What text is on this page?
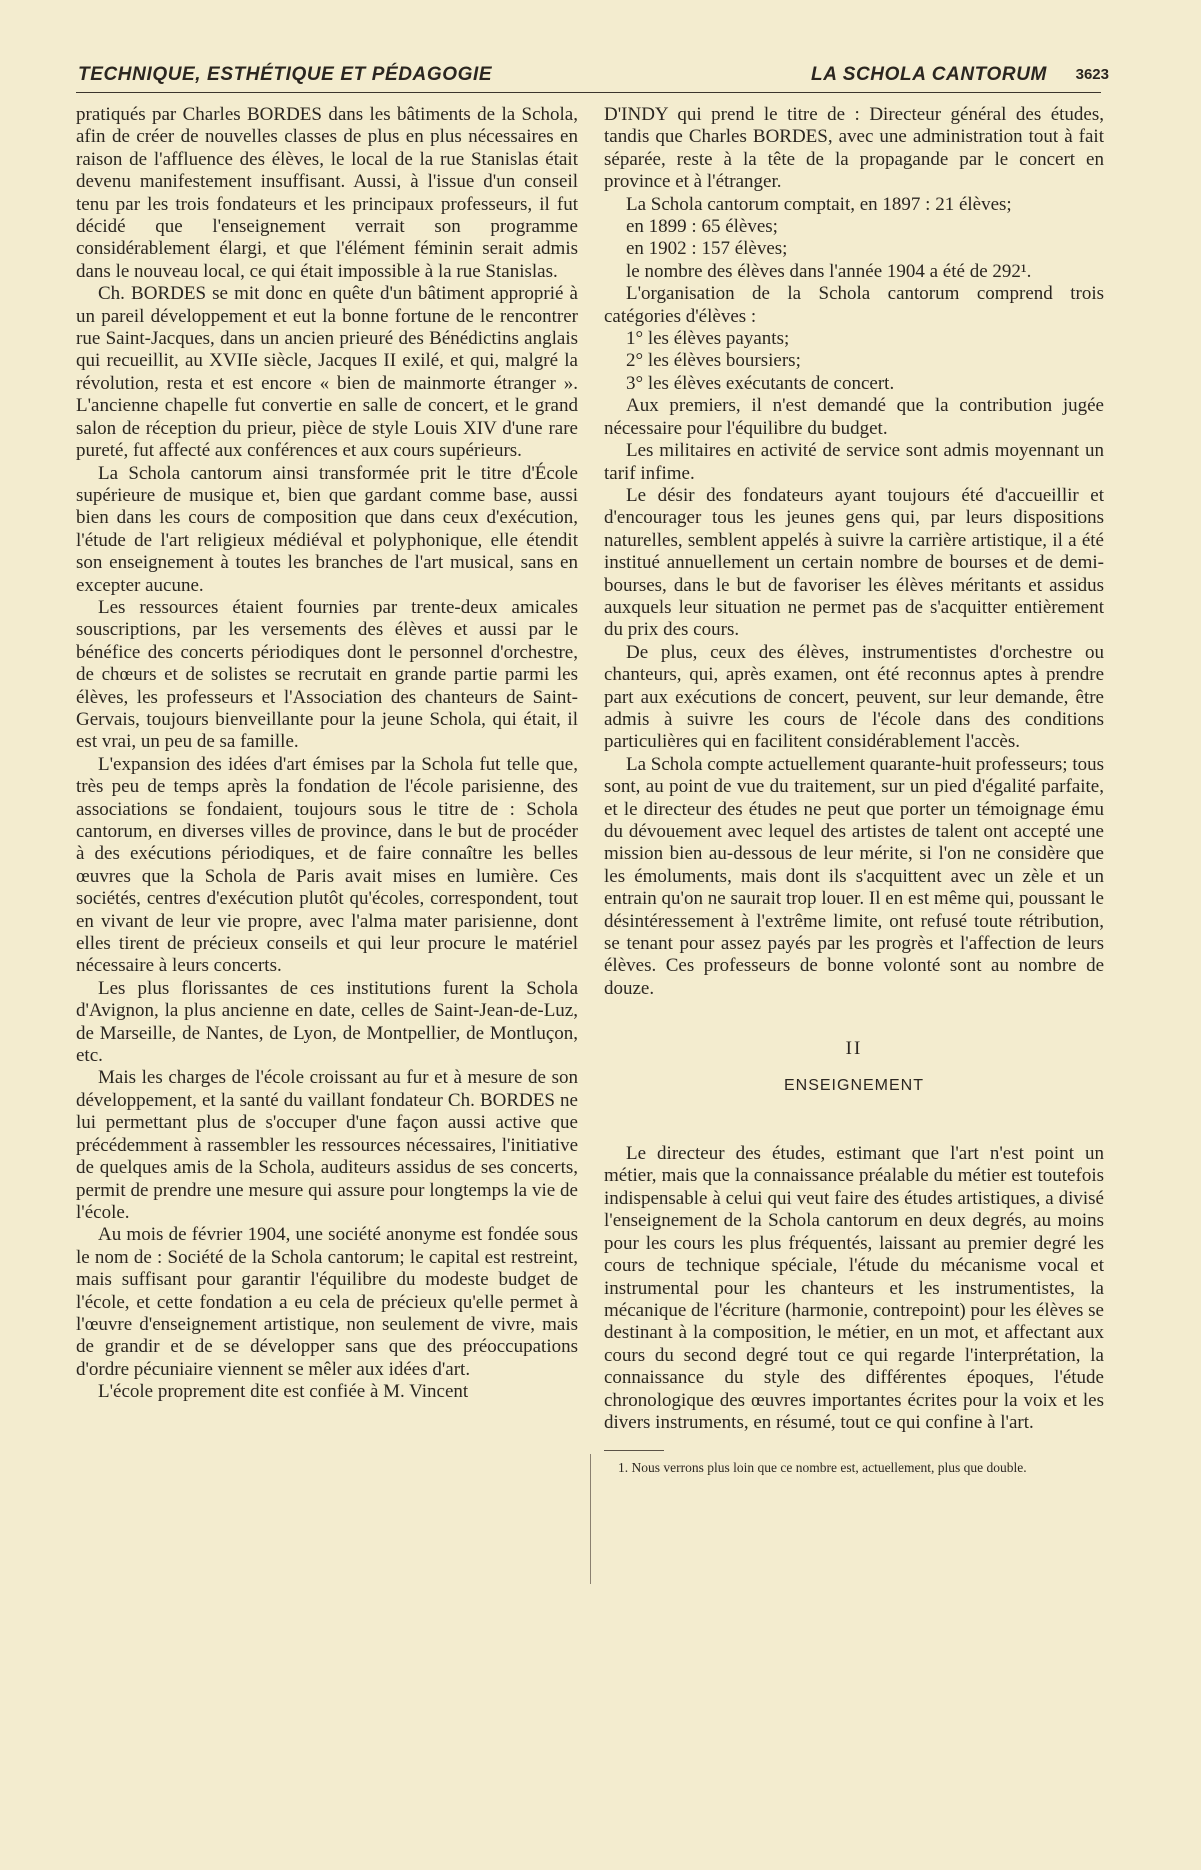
TECHNIQUE, ESTHÉTIQUE ET PÉDAGOGIE	LA SCHOLA CANTORUM 3623

pratiqués par Charles BORDES dans les bâtiments de la Schola, afin de créer de nouvelles classes de plus en plus nécessaires en raison de l'affluence des élèves, le local de la rue Stanislas était devenu manifestement insuffisant. Aussi, à l'issue d'un conseil tenu par les trois fondateurs et les principaux professeurs, il fut décidé que l'enseignement verrait son programme considérablement élargi, et que l'élément féminin serait admis dans le nouveau local, ce qui était impossible à la rue Stanislas.

Ch. BORDES se mit donc en quête d'un bâtiment approprié à un pareil développement et eut la bonne fortune de le rencontrer rue Saint-Jacques, dans un ancien prieuré des Bénédictins anglais qui recueillit, au XVIIe siècle, Jacques II exilé, et qui, malgré la révolution, resta et est encore « bien de mainmorte étranger ». L'ancienne chapelle fut convertie en salle de concert, et le grand salon de réception du prieur, pièce de style Louis XIV d'une rare pureté, fut affecté aux conférences et aux cours supérieurs.

La Schola cantorum ainsi transformée prit le titre d'École supérieure de musique et, bien que gardant comme base, aussi bien dans les cours de composition que dans ceux d'exécution, l'étude de l'art religieux médiéval et polyphonique, elle étendit son enseignement à toutes les branches de l'art musical, sans en excepter aucune.

Les ressources étaient fournies par trente-deux amicales souscriptions, par les versements des élèves et aussi par le bénéfice des concerts périodiques dont le personnel d'orchestre, de chœurs et de solistes se recrutait en grande partie parmi les élèves, les professeurs et l'Association des chanteurs de Saint-Gervais, toujours bienveillante pour la jeune Schola, qui était, il est vrai, un peu de sa famille.

L'expansion des idées d'art émises par la Schola fut telle que, très peu de temps après la fondation de l'école parisienne, des associations se fondaient, toujours sous le titre de : Schola cantorum, en diverses villes de province, dans le but de procéder à des exécutions périodiques, et de faire connaître les belles œuvres que la Schola de Paris avait mises en lumière. Ces sociétés, centres d'exécution plutôt qu'écoles, correspondent, tout en vivant de leur vie propre, avec l'alma mater parisienne, dont elles tirent de précieux conseils et qui leur procure le matériel nécessaire à leurs concerts.

Les plus florissantes de ces institutions furent la Schola d'Avignon, la plus ancienne en date, celles de Saint-Jean-de-Luz, de Marseille, de Nantes, de Lyon, de Montpellier, de Montluçon, etc.

Mais les charges de l'école croissant au fur et à mesure de son développement, et la santé du vaillant fondateur Ch. BORDES ne lui permettant plus de s'occuper d'une façon aussi active que précédemment à rassembler les ressources nécessaires, l'initiative de quelques amis de la Schola, auditeurs assidus de ses concerts, permit de prendre une mesure qui assure pour longtemps la vie de l'école.

Au mois de février 1904, une société anonyme est fondée sous le nom de : Société de la Schola cantorum; le capital est restreint, mais suffisant pour garantir l'équilibre du modeste budget de l'école, et cette fondation a eu cela de précieux qu'elle permet à l'œuvre d'enseignement artistique, non seulement de vivre, mais de grandir et de se développer sans que des préoccupations d'ordre pécuniaire viennent se mêler aux idées d'art.

L'école proprement dite est confiée à M. Vincent

D'INDY qui prend le titre de : Directeur général des études, tandis que Charles BORDES, avec une administration tout à fait séparée, reste à la tête de la propagande par le concert en province et à l'étranger.

La Schola cantorum comptait, en 1897 : 21 élèves;

en 1899 : 65 élèves;

en 1902 : 157 élèves;

le nombre des élèves dans l'année 1904 a été de 292¹.

L'organisation de la Schola cantorum comprend trois catégories d'élèves :

1° les élèves payants;

2° les élèves boursiers;

3° les élèves exécutants de concert.

Aux premiers, il n'est demandé que la contribution jugée nécessaire pour l'équilibre du budget.

Les militaires en activité de service sont admis moyennant un tarif infime.

Le désir des fondateurs ayant toujours été d'accueillir et d'encourager tous les jeunes gens qui, par leurs dispositions naturelles, semblent appelés à suivre la carrière artistique, il a été institué annuellement un certain nombre de bourses et de demi-bourses, dans le but de favoriser les élèves méritants et assidus auxquels leur situation ne permet pas de s'acquitter entièrement du prix des cours.

De plus, ceux des élèves, instrumentistes d'orchestre ou chanteurs, qui, après examen, ont été reconnus aptes à prendre part aux exécutions de concert, peuvent, sur leur demande, être admis à suivre les cours de l'école dans des conditions particulières qui en facilitent considérablement l'accès.

La Schola compte actuellement quarante-huit professeurs; tous sont, au point de vue du traitement, sur un pied d'égalité parfaite, et le directeur des études ne peut que porter un témoignage ému du dévouement avec lequel des artistes de talent ont accepté une mission bien au-dessous de leur mérite, si l'on ne considère que les émoluments, mais dont ils s'acquittent avec un zèle et un entrain qu'on ne saurait trop louer. Il en est même qui, poussant le désintéressement à l'extrême limite, ont refusé toute rétribution, se tenant pour assez payés par les progrès et l'affection de leurs élèves. Ces professeurs de bonne volonté sont au nombre de douze.

II
ENSEIGNEMENT

Le directeur des études, estimant que l'art n'est point un métier, mais que la connaissance préalable du métier est toutefois indispensable à celui qui veut faire des études artistiques, a divisé l'enseignement de la Schola cantorum en deux degrés, au moins pour les cours les plus fréquentés, laissant au premier degré les cours de technique spéciale, l'étude du mécanisme vocal et instrumental pour les chanteurs et les instrumentistes, la mécanique de l'écriture (harmonie, contrepoint) pour les élèves se destinant à la composition, le métier, en un mot, et affectant aux cours du second degré tout ce qui regarde l'interprétation, la connaissance du style des différentes époques, l'étude chronologique des œuvres importantes écrites pour la voix et les divers instruments, en résumé, tout ce qui confine à l'art.

1. Nous verrons plus loin que ce nombre est, actuellement, plus que double.
